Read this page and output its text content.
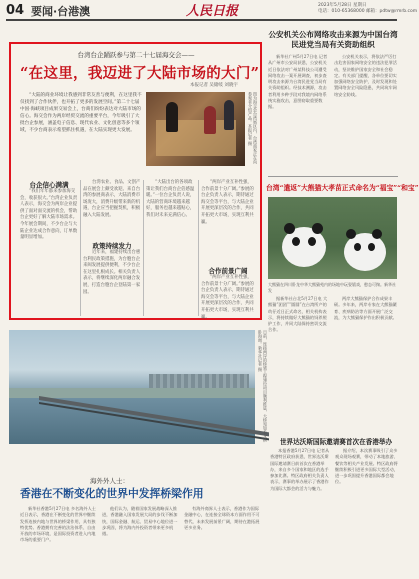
04 要闻·台港澳	人民日报	2023年5月28日 星期日
电话：010-65368000 邮箱：pdtw@rmrb.com
台湾台企踊跃参与第二十七届海交会——
“在这里，我迈进了大陆市场的大门”
本报记者 吴储岐 刘晓宇
“大陆的商业环境让我感到非常友善与便利，在这里我不仅找到了合作伙伴，也开拓了更多的发展空间。”第二十七届中国·海峡项目成果交易会上，台商们纷纷表达对大陆市场的信心。海交会作为两岸经贸交流的重要平台，今年吸引了大批台企参展，涵盖电子信息、现代农业、文化创意等多个领域，不少台商表示希望抓住机遇，在大陆实现更大发展。	图为海交会台湾展区内，台湾商家正在向参观者介绍产品。本报记者 摄
台企信心满满
“我们年年都来参加海交会，收获很大。”台湾企业负责人表示，海交会为两岸企业提供了面对面交流的机会，帮助台企更好了解大陆市场需求。今年展会期间，不少台企与大陆企业达成合作意向，订单数量明显增加。
台湾农业、食品、文创产品在展会上颇受欢迎。来自台湾的参展商表示，大陆消费市场庞大，消费升级带来新的机遇，台企应当把握契机，积极融入大陆发展。
政策持续发力
近年来，福建持续出台惠台利民政策措施，为台胞台企来闽发展提供便利，不少台企在这里扎根成长。相关负责人表示，将继续深化两岸融合发展，打造台胞台企登陆第一家园。
“大陆出台的各项政策让我们台商台企倍感温暖。”一位台企负责人说，大陆的营商环境越来越好，服务也越来越贴心，我们对未来充满信心。
合作前景广阔
“两岸产业互补性强，合作前景十分广阔。”参展的台企负责人表示，期待通过海交会等平台，与大陆企业开展更深层次的合作，共同开拓更大市场，实现互利共赢。
“两岸产业互补性强，合作前景十分广阔。”参展的台企负责人表示，期待通过海交会等平台，与大陆企业开展更深层次的合作，共同开拓更大市场，实现互利共赢。
公安机关公布网络攻击来源为中国台湾民进党当局有关资助组织
新华社广州5月27日电 记者从广州市公安局获悉，公安机关近日依法对广州某科技公司遭受网络攻击一案开展调查，初步查明攻击来源为台湾民进党当局有关资助组织。经技术溯源，攻击者利用多种手段对我境内网络系统实施攻击，意图窃取重要数据。
公安机关表示，将依法严厉打击危害国家网络安全的违法犯罪活动，坚决维护国家安全和社会稳定。有关部门提醒，各单位要切实加强网络安全防护，及时发现和处置网络安全风险隐患，共同筑牢网络安全防线。
台湾“遣返”大熊猫大孝苗正式命名为“福宝”“和宝”
大熊猫在四川卧龙中华大熊猫苑内的场地中玩耍嬉戏，憨态可掬。新华社发
据新华社台北5月27日电 大熊猫“团团”“圆圆”在台湾所产的幼仔近日正式命名，相关机构表示，将持续做好大熊猫的饲养照护工作，并同大陆保持密切交流合作。
两岸大熊猫保护合作成果丰硕。多年来，两岸专家在大熊猫繁育、疾病防治等方面开展广泛交流，为大熊猫保护作出积极贡献。
日前，连接两岸的桥梁工程建设项目顺利推进，大桥宛如长龙横卧海面。新华社记者 摄
世界达沃斯国际邀请赛首次在香港举办
本报香港5月27日电 记者从香港特区政府获悉，世界达沃斯国际邀请赛日前首次在香港举办，来自多个国家和地区的选手参加比赛。特区政府相关负责人表示，赛事的举办展示了香港作为国际大都会的活力与魅力。
据介绍，本次赛事吸引了众多观众现场观赛，带动了本地旅游、餐饮等相关产业发展。特区政府将继续积极引进更多国际大型活动，进一步巩固提升香港国际都会地位。
海外外人士：
香港在不断变化的世界中发挥桥梁作用
新华社香港5月27日电 多名海外人士近日表示，香港在不断变化的世界中继续发挥连接内地与世界的桥梁作用，具有独特优势。香港拥有完善的法治体系、自由开放的市场环境，是国际投资者进入内地市场的重要门户。
他们认为，随着国家发展战略深入推进，香港融入国家发展大局的步伐不断加快，国际金融、航运、贸易中心地位进一步巩固，将为海内外投资者带来更多机遇。
有海外商界人士表示，香港作为国际金融中心，在连接全球资本方面作用不可替代，未来发展前景广阔，期待在港拓展更多业务。
